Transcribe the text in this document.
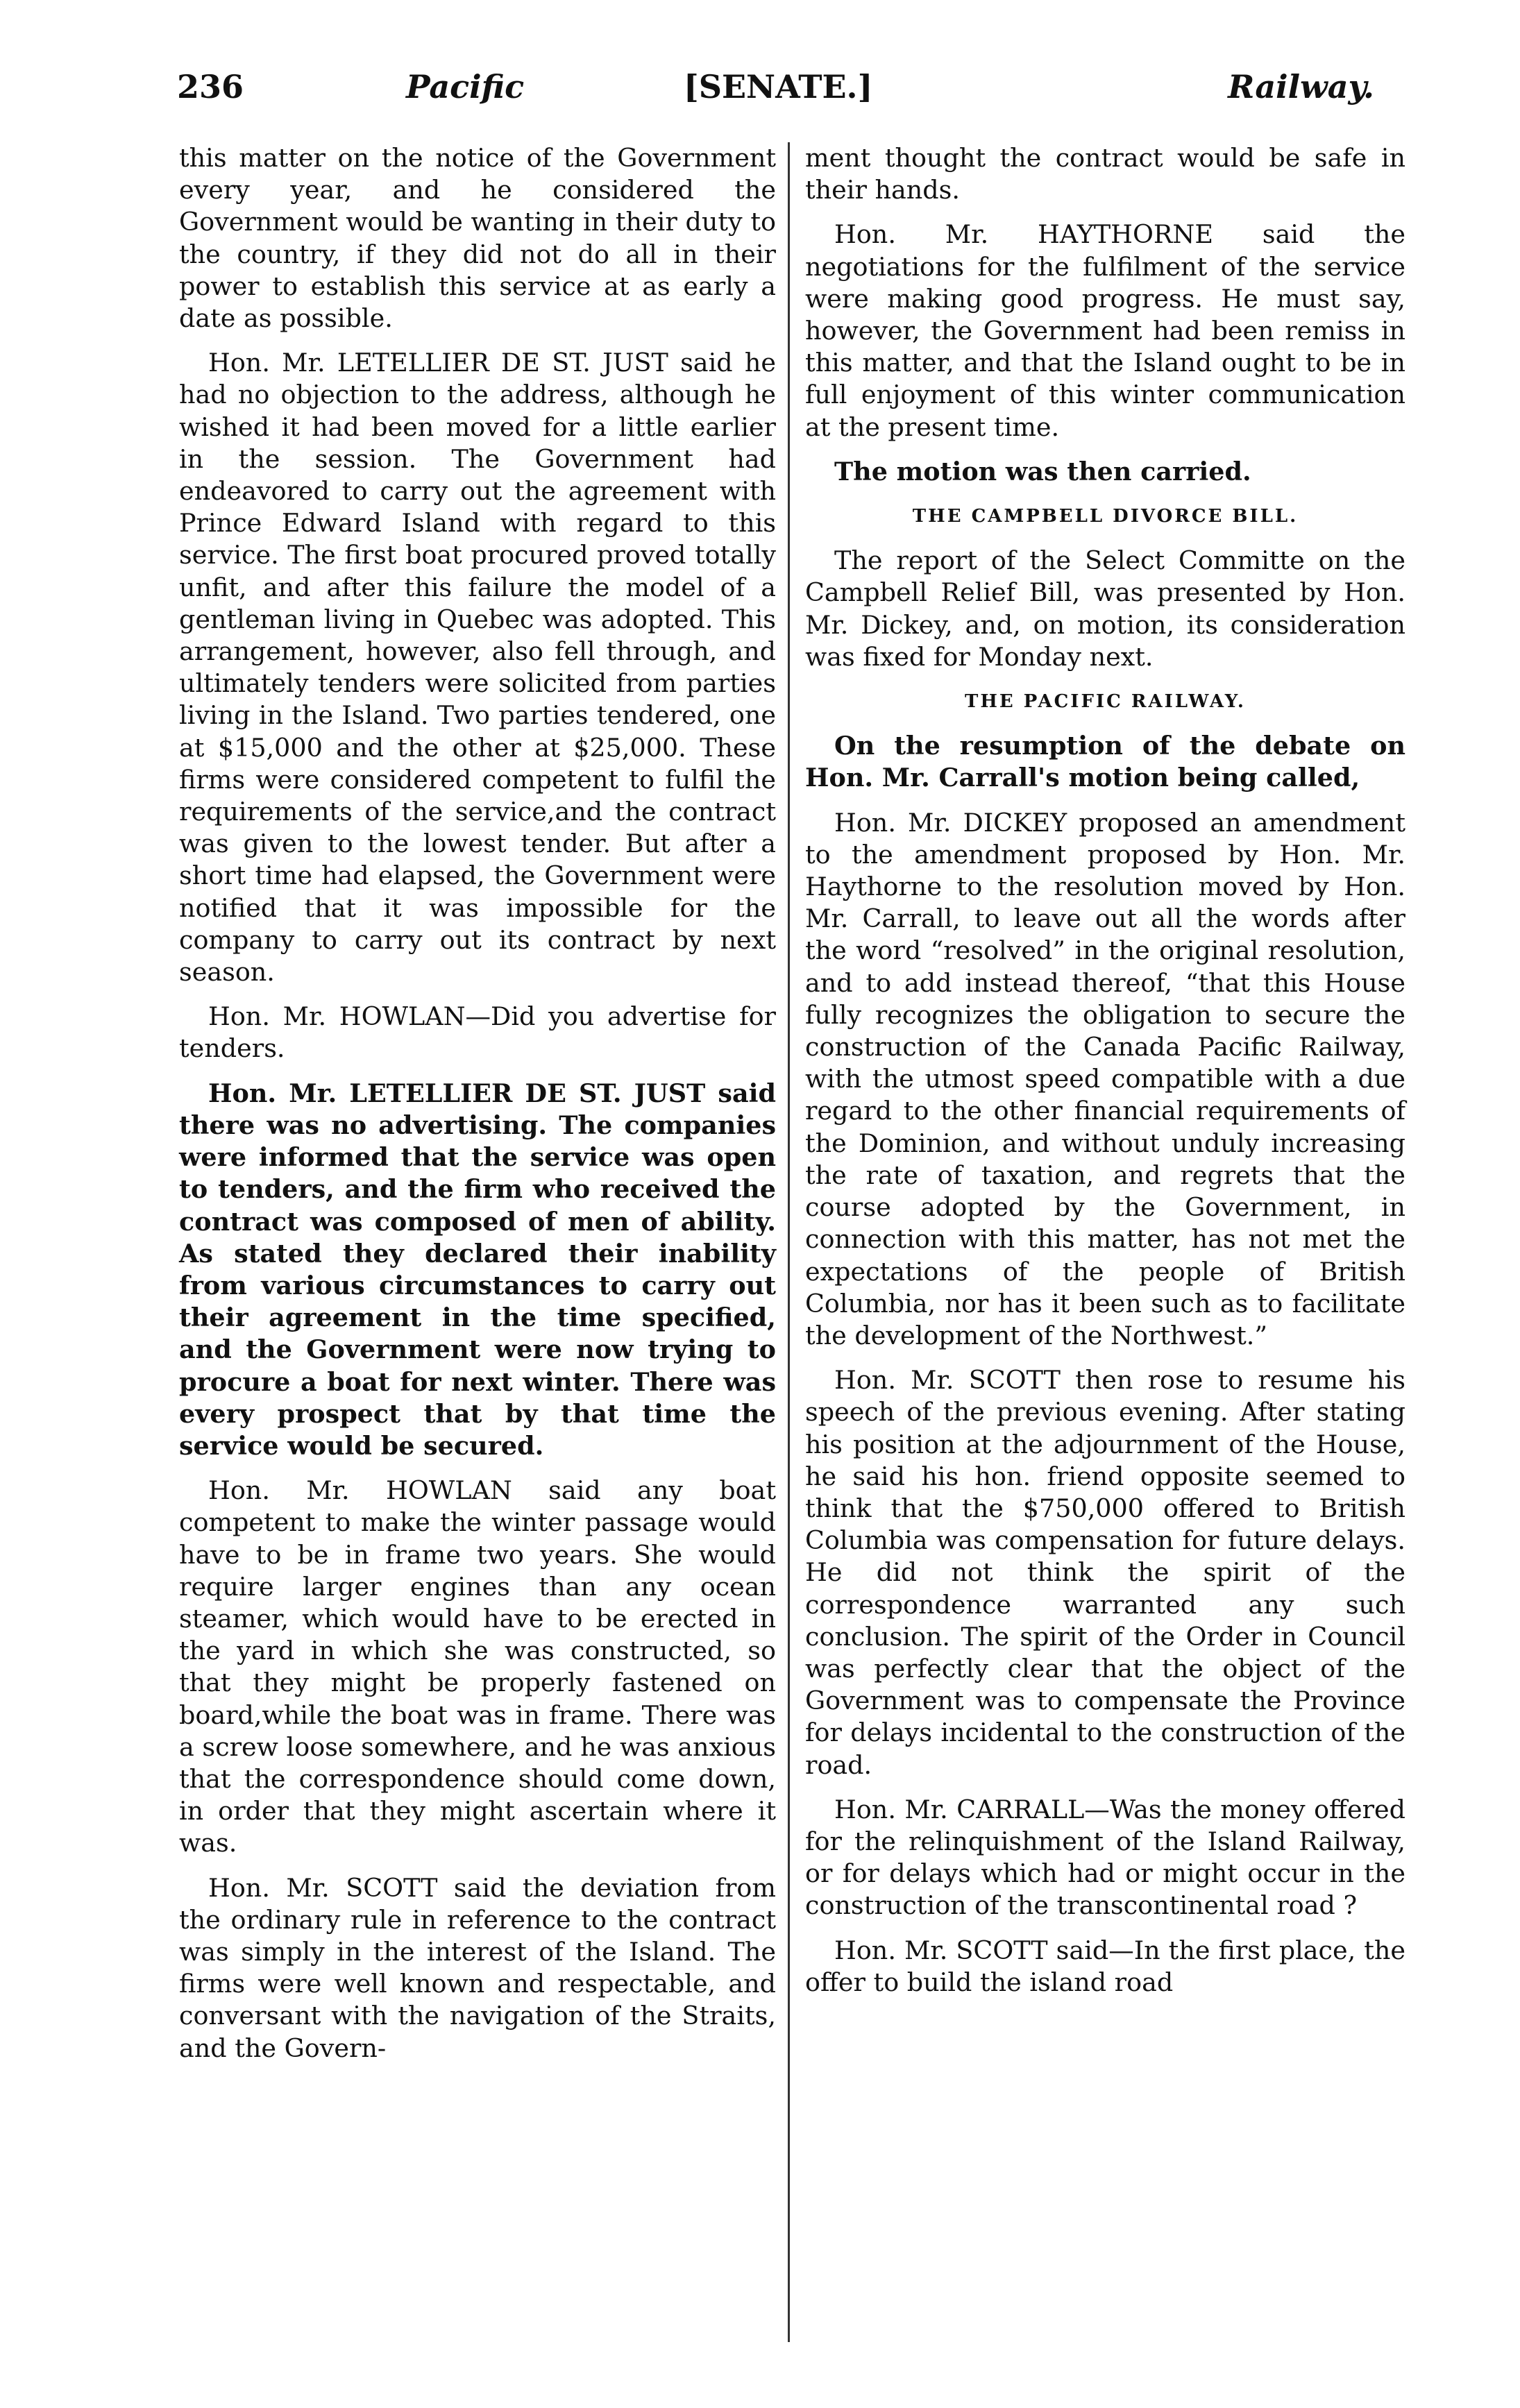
236	Pacific	[SENATE.]	Railway.

this matter on the notice of the Government every year, and he considered the Government would be wanting in their duty to the country, if they did not do all in their power to establish this service at as early a date as possible.

Hon. Mr. LETELLIER DE ST. JUST said he had no objection to the address, although he wished it had been moved for a little earlier in the session. The Government had endeavored to carry out the agreement with Prince Edward Island with regard to this service. The first boat procured proved totally unfit, and after this failure the model of a gentleman living in Quebec was adopted. This arrangement, however, also fell through, and ultimately tenders were solicited from parties living in the Island. Two parties tendered, one at $15,000 and the other at $25,000. These firms were considered competent to fulfil the requirements of the service,and the contract was given to the lowest tender. But after a short time had elapsed, the Government were notified that it was impossible for the company to carry out its contract by next season.

Hon. Mr. HOWLAN—Did you advertise for tenders.

Hon. Mr. LETELLIER DE ST. JUST said there was no advertising. The companies were informed that the service was open to tenders, and the firm who received the contract was composed of men of ability. As stated they declared their inability from various circumstances to carry out their agreement in the time specified, and the Government were now trying to procure a boat for next winter. There was every prospect that by that time the service would be secured.

Hon. Mr. HOWLAN said any boat competent to make the winter passage would have to be in frame two years. She would require larger engines than any ocean steamer, which would have to be erected in the yard in which she was constructed, so that they might be properly fastened on board,while the boat was in frame. There was a screw loose somewhere, and he was anxious that the correspondence should come down, in order that they might ascertain where it was.

Hon. Mr. SCOTT said the deviation from the ordinary rule in reference to the contract was simply in the interest of the Island. The firms were well known and respectable, and conversant with the navigation of the Straits, and the Govern-

ment thought the contract would be safe in their hands.

Hon. Mr. HAYTHORNE said the negotiations for the fulfilment of the service were making good progress. He must say, however, the Government had been remiss in this matter, and that the Island ought to be in full enjoyment of this winter communication at the present time.

The motion was then carried.

THE CAMPBELL DIVORCE BILL.

The report of the Select Committe on the Campbell Relief Bill, was presented by Hon. Mr. Dickey, and, on motion, its consideration was fixed for Monday next.

THE PACIFIC RAILWAY.

On the resumption of the debate on Hon. Mr. Carrall's motion being called,

Hon. Mr. DICKEY proposed an amendment to the amendment proposed by Hon. Mr. Haythorne to the resolution moved by Hon. Mr. Carrall, to leave out all the words after the word “resolved” in the original resolution, and to add instead thereof, “that this House fully recognizes the obligation to secure the construction of the Canada Pacific Railway, with the utmost speed compatible with a due regard to the other financial requirements of the Dominion, and without unduly increasing the rate of taxation, and regrets that the course adopted by the Government, in connection with this matter, has not met the expectations of the people of British Columbia, nor has it been such as to facilitate the development of the Northwest.”

Hon. Mr. SCOTT then rose to resume his speech of the previous evening. After stating his position at the adjournment of the House, he said his hon. friend opposite seemed to think that the $750,000 offered to British Columbia was compensation for future delays. He did not think the spirit of the correspondence warranted any such conclusion. The spirit of the Order in Council was perfectly clear that the object of the Government was to compensate the Province for delays incidental to the construction of the road.

Hon. Mr. CARRALL—Was the money offered for the relinquishment of the Island Railway, or for delays which had or might occur in the construction of the transcontinental road ?

Hon. Mr. SCOTT said—In the first place, the offer to build the island road
